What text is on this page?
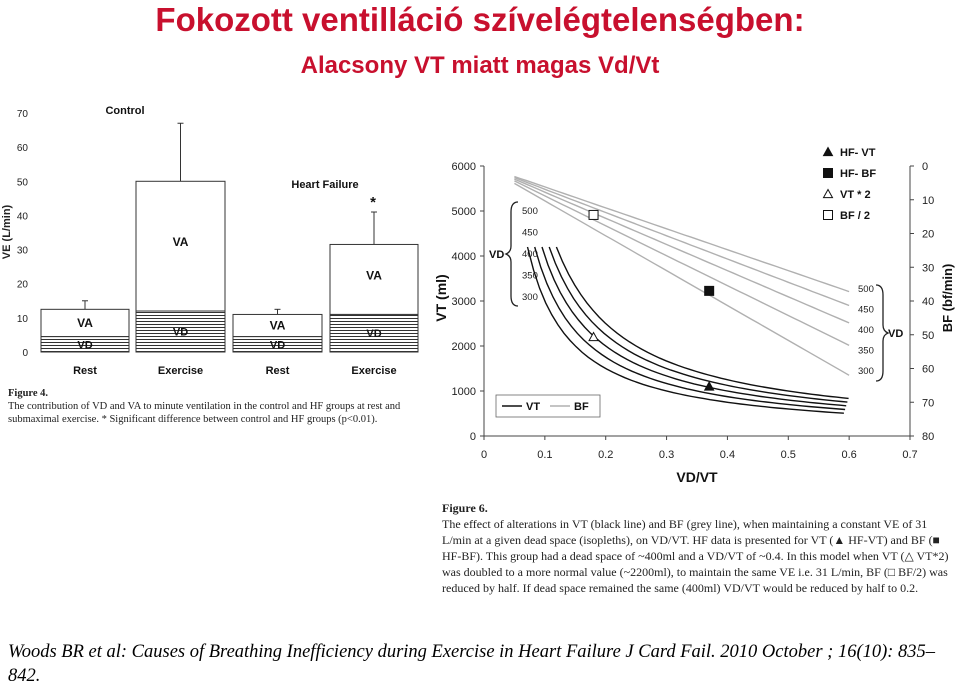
Fokozott ventilláció szívelégtelenségben:
Alacsony VT miatt magas Vd/Vt
0
10
20
30
40
50
60
70
VE (L/min)
VA
VD
Rest
VA
VD
Exercise
VA
VD
Rest
VA
VD
Exercise
Control
Heart Failure
*
0
1000
2000
3000
4000
5000
6000
0	0.1	0.2	0.3	0.4	0.5	0.6	0.7
0
10
20
30
40
50
60
70
80
VT (ml)	BF (bf/min)
VD/VT
500
500
450
450
400
400
350
350
300
300
VD
VD
HF- VT
HF- BF
VT * 2
BF / 2
VT	BF
Figure 4.
The contribution of VD and VA to minute ventilation in the control and HF groups at rest and submaximal exercise. * Significant difference between control and HF groups (p<0.01).
Figure 6.
The effect of alterations in VT (black line) and BF (grey line), when maintaining a constant VE of 31 L/min at a given dead space (isopleths), on VD/VT. HF data is presented for VT (▲ HF-VT) and BF (■ HF-BF). This group had a dead space of ~400ml and a VD/VT of ~0.4. In this model when VT (△ VT*2) was doubled to a more normal value (~2200ml), to maintain the same VE i.e. 31 L/min, BF (□ BF/2) was reduced by half. If dead space remained the same (400ml) VD/VT would be reduced by half to 0.2.
Woods BR et al: Causes of Breathing Inefficiency during Exercise in Heart Failure J Card Fail. 2010 October ; 16(10): 835–842.
